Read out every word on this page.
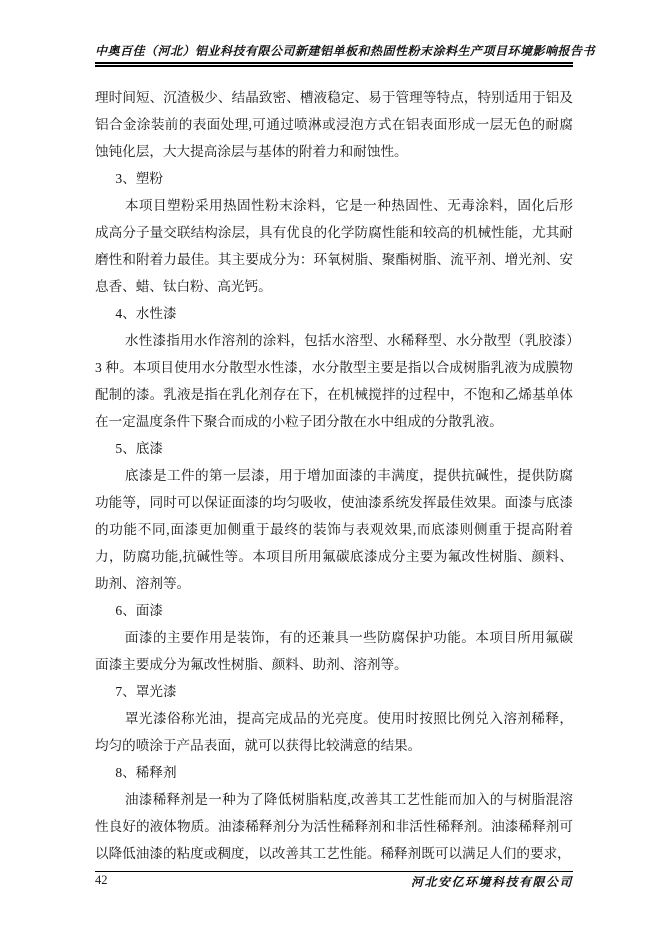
中奥百佳（河北）铝业科技有限公司新建铝单板和热固性粉末涂料生产项目环境影响报告书

理时间短、沉渣极少、结晶致密、槽液稳定、易于管理等特点，特别适用于铝及铝合金涂装前的表面处理,可通过喷淋或浸泡方式在铝表面形成一层无色的耐腐蚀钝化层，大大提高涂层与基体的附着力和耐蚀性。

3、塑粉

本项目塑粉采用热固性粉末涂料，它是一种热固性、无毒涂料，固化后形成高分子量交联结构涂层，具有优良的化学防腐性能和较高的机械性能，尤其耐磨性和附着力最佳。其主要成分为：环氧树脂、聚酯树脂、流平剂、增光剂、安息香、蜡、钛白粉、高光钙。

4、水性漆

水性漆指用水作溶剂的涂料，包括水溶型、水稀释型、水分散型（乳胶漆）3 种。本项目使用水分散型水性漆，水分散型主要是指以合成树脂乳液为成膜物配制的漆。乳液是指在乳化剂存在下，在机械搅拌的过程中，不饱和乙烯基单体在一定温度条件下聚合而成的小粒子团分散在水中组成的分散乳液。

5、底漆

底漆是工件的第一层漆，用于增加面漆的丰满度，提供抗碱性，提供防腐功能等，同时可以保证面漆的均匀吸收，使油漆系统发挥最佳效果。面漆与底漆的功能不同,面漆更加侧重于最终的装饰与表观效果,而底漆则侧重于提高附着力，防腐功能,抗碱性等。本项目所用氟碳底漆成分主要为氟改性树脂、颜料、助剂、溶剂等。

6、面漆

面漆的主要作用是装饰，有的还兼具一些防腐保护功能。本项目所用氟碳面漆主要成分为氟改性树脂、颜料、助剂、溶剂等。

7、罩光漆

罩光漆俗称光油，提高完成品的光亮度。使用时按照比例兑入溶剂稀释，均匀的喷涂于产品表面，就可以获得比较满意的结果。

8、稀释剂

油漆稀释剂是一种为了降低树脂粘度,改善其工艺性能而加入的与树脂混溶性良好的液体物质。油漆稀释剂分为活性稀释剂和非活性稀释剂。油漆稀释剂可以降低油漆的粘度或稠度，以改善其工艺性能。稀释剂既可以满足人们的要求，

42	河北安亿环境科技有限公司
